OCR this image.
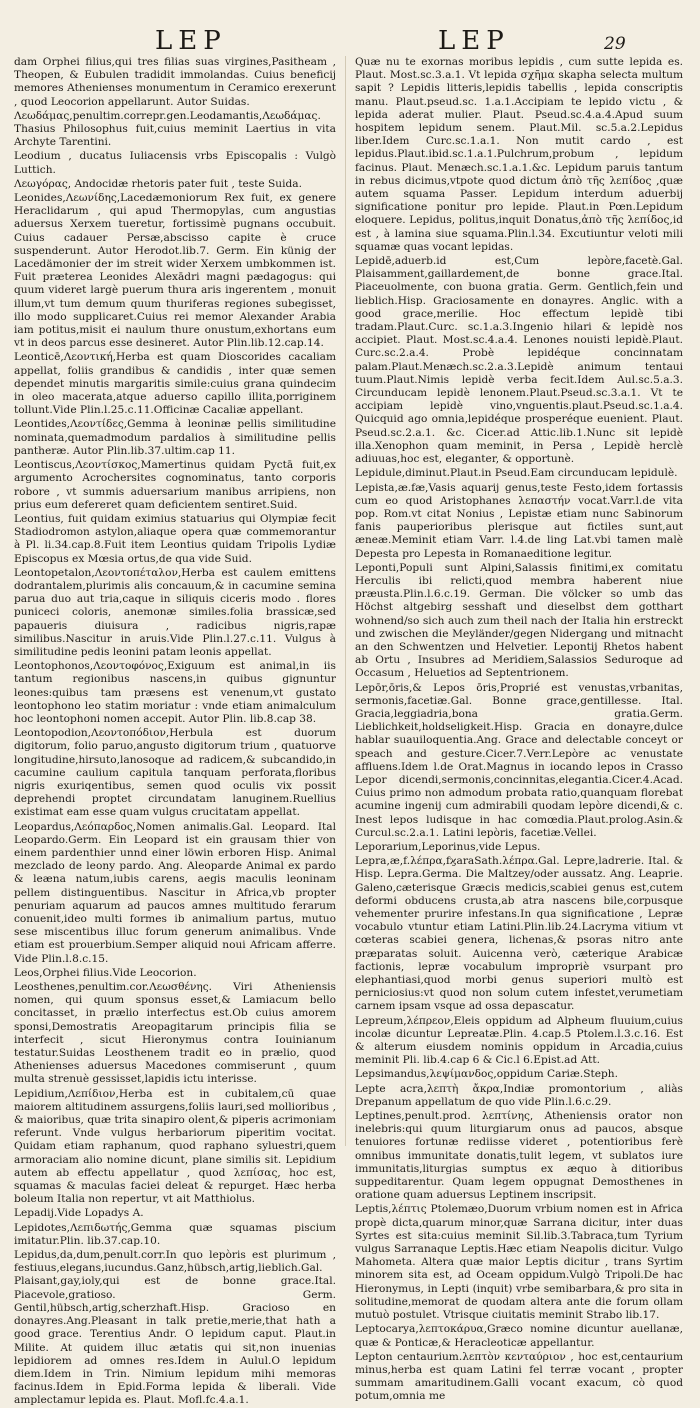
LEP	LEP	29

dam Orphei filius,qui tres filias suas virgines,Pasitheam , Theopen, & Eubulen tradidit immolandas. Cuius beneficij memores Athenienses monumentum in Ceramico erexerunt , quod Leocorion appellarunt. Autor Suidas.

Λεωδάμας,penultim.correpr.gen.Leodamantis,Λεωδάμας. Thasius Philosophus fuit,cuius meminit Laertius in vita Archyte Tarentini.

Leodium , ducatus Iuliacensis vrbs Episcopalis : Vulgò Luttich.

Λεωγόρας, Andocidæ rhetoris pater fuit , teste Suida.

Leonides,Λεωνίδης,Lacedæmoniorum Rex fuit, ex genere Heraclidarum , qui apud Thermopylas, cum angustias aduersus Xerxem tueretur, fortissimè pugnans occubuit. Cuius cadauer Persæ,abscisso capite è cruce suspenderunt. Autor Herodot.lib.7. Germ. Ein künig der Lacedämonier der im streit wider Xerxem umbkommen ist. Fuit præterea Leonides Alexādri magni pædagogus: qui quum videret largè puerum thura aris ingerentem , monuit illum,vt tum demum quum thuriferas regiones subegisset, illo modo supplicaret.Cuius rei memor Alexander Arabia iam potitus,misit ei naulum thure onustum,exhortans eum vt in deos parcus esse desineret. Autor Plin.lib.12.cap.14.

Leonticē,Λεοντική,Herba est quam Dioscorides cacaliam appellat, foliis grandibus & candidis , inter quæ semen dependet minutis margaritis simile:cuius grana quindecim in oleo macerata,atque aduerso capillo illita,porriginem tollunt.Vide Plin.l.25.c.11.Officinæ Cacaliæ appellant.

Leontides,Λεοντίδες,Gemma à leoninæ pellis similitudine nominata,quemadmodum pardalios à similitudine pellis pantheræ. Autor Plin.lib.37.ultim.cap 11.

Leontiscus,Λεοντίσκος,Mamertinus quidam Pyctā fuit,ex argumento Acrochersites cognominatus, tanto corporis robore , vt summis aduersarium manibus arripiens, non prius eum defereret quam deficientem sentiret.Suid.

Leontius, fuit quidam eximius statuarius qui Olympiæ fecit Stadiodromon astylon,aliaque opera quæ commemorantur à Pl. li.34.cap.8.Fuit item Leontius quidam Tripolis Lydiæ Episcopus ex Mœsia ortus,de qua vide Suid.

Leontopetalon,Λεοντοπέταλον,Herba est caulem emittens dodrantalem,plurimis alis concauum,& in cacumine semina parua duo aut tria,caque in siliquis ciceris modo . flores puniceci coloris, anemonæ similes.folia brassicæ,sed papaueris diuisura , radicibus nigris,rapæ similibus.Nascitur in aruis.Vide Plin.l.27.c.11. Vulgus à similitudine pedis leonini patam leonis appellat.

Leontophonos,Λεοντοφόνος,Exiguum est animal,in iis tantum regionibus nascens,in quibus gignuntur leones:quibus tam præsens est venenum,vt gustato leontophono leo statim moriatur : vnde etiam animalculum hoc leontophoni nomen accepit. Autor Plin. lib.8.cap 38.

Leontopodion,Λεοντοπόδιον,Herbula est duorum digitorum, folio paruo,angusto digitorum trium , quatuorve longitudine,hirsuto,lanosoque ad radicem,& subcandido,in cacumine caulium capitula tanquam perforata,floribus nigris exuriqentibus, semen quod oculis vix possit deprehendi proptet circundatam lanuginem.Ruellius existimat eam esse quam vulgus crucitatam appellat.

Leopardus,Λεόπαρδος,Nomen animalis.Gal. Leopard. Ital Leopardo.Germ. Ein Leopard ist ein grausam thier von einem pardenthier unnd einer löwin erboren Hisp. Animal mezclado de leony pardo. Ang. Aleoparde Animal ex pardo & leæna natum,iubis carens, aegis maculis leoninam pellem distinguentibus. Nascitur in Africa,vb propter penuriam aquarum ad paucos amnes multitudo ferarum conuenit,ideo multi formes ib animalium partus, mutuo sese miscentibus illuc forum generum animalibus. Vnde etiam est prouerbium.Semper aliquid noui Africam afferre. Vide Plin.l.8.c.15.

Leos,Orphei filius.Vide Leocorion.

Leosthenes,penultim.cor.Λεωσθένης. Viri Atheniensis nomen, qui quum sponsus esset,& Lamiacum bello concitasset, in prælio interfectus est.Ob cuius amorem sponsi,Demostratis Areopagitarum principis filia se interfecit , sicut Hieronymus contra Iouinianum testatur.Suidas Leosthenem tradit eo in prælio, quod Athenienses aduersus Macedones commiserunt , quum multa strenuè gessisset,lapidis ictu interisse.

Lepidium,Λεπίδιον,Herba est in cubitalem,cū quae maiorem altitudinem assurgens,foliis lauri,sed mollioribus , & maioribus, quæ trita sinapiro olent,& piperis acrimoniam referunt. Vnde vulgus herbariorum piperitim vocitat. Quidam etiam raphanum, quod raphano syluestri,quem armoraciam alio nomine dicunt, plane similis sit. Lepidium autem ab effectu appellatur , quod λεπίσας, hoc est, squamas & maculas faciei deleat & repurget. Hæc herba boleum Italia non repertur, vt ait Matthiolus.

Lepadij.Vide Lopadys A.

Lepidotes,Λεπιδωτής,Gemma quæ squamas piscium imitatur.Plin. lib.37.cap.10.

Lepidus,da,dum,penult.corr.In quo lepòris est plurimum , festiuus,elegans,iucundus.Ganz,hübsch,artig,lieblich.Gal. Plaisant,gay,ioly,qui est de bonne grace.Ital. Piacevole,gratioso. Germ. Gentil,hübsch,artig,scherzhaft.Hisp. Gracioso en donayres.Ang.Pleasant in talk pretie,merie,that hath a good grace. Terentius Andr. O lepidum caput. Plaut.in Milite. At quidem illuc ætatis qui sit,non inuenias lepidiorem ad omnes res.Idem in Aulul.O lepidum diem.Idem in Trin. Nimium lepidum mihi memoras facinus.Idem in Epid.Forma lepida & liberali. Vide amplectamur lepida es. Plaut. Mofl.fc.4.a.1.

Quæ nu te exornas moribus lepidis , cum sutte lepida es. Plaut. Most.sc.3.a.1. Vt lepida σχῆμα skapha selecta multum sapit ? Lepidis litteris,lepidis tabellis , lepida conscriptis manu. Plaut.pseud.sc. 1.a.1.Accipiam te lepido victu , & lepida aderat mulier. Plaut. Pseud.sc.4.a.4.Apud suum hospitem lepidum senem. Plaut.Mil. sc.5.a.2.Lepidus liber.Idem Curc.sc.1.a.1. Non mutit cardo , est lepidus.Plaut.ibid.sc.1.a.1.Pulchrum,probum , lepidum facinus. Plaut. Menæch.sc.1.a.1.&c. Lepidum paruis tantum in rebus dicimus,vtpote quod dictum ἀπὸ τῆς λεπίδος ,quæ autem squama Passer. Lepidum interdum aduerbij significatione ponitur pro lepide. Plaut.in Pœn.Lepidum eloquere. Lepidus, politus,inquit Donatus,ἀπὸ τῆς λεπίδος,id est , à lamina siue squama.Plin.l.34. Excutiuntur veloti mili squamæ quas vocant lepidas.

Lepidē,aduerb.id est,Cum lepòre,facetè.Gal. Plaisamment,gaillardement,de bonne grace.Ital. Piaceuolmente, con buona gratia. Germ. Gentlich,fein und lieblich.Hisp. Graciosamente en donayres. Anglic. with a good grace,merilie. Hoc effectum lepidè tibi tradam.Plaut.Curc. sc.1.a.3.Ingenio hilari & lepidè nos accipiet. Plaut. Most.sc.4.a.4. Lenones nouisti lepidè.Plaut. Curc.sc.2.a.4. Probè lepidéque concinnatam palam.Plaut.Menæch.sc.2.a.3.Lepidè animum tentaui tuum.Plaut.Nimis lepidè verba fecit.Idem Aul.sc.5.a.3. Circunducam lepidè lenonem.Plaut.Pseud.sc.3.a.1. Vt te accipiam lepidè vino,vnguentis.plaut.Pseud.sc.1.a.4. Quicquid ago omnia,lepidéque prosperéque euenient. Plaut. Pseud.sc.2.a.1. &c. Cicer.ad Attic.lib.1.Nunc sit lepidè illa.Xenophon quam meminit, in Persa , Lepidè herclè adiuuas,hoc est, eleganter, & opportunè.

Lepidule,diminut.Plaut.in Pseud.Eam circunducam lepidulè.

Lepista,æ.fæ,Vasis aquarij genus,teste Festo,idem fortassis cum eo quod Aristophanes λεπαστήν vocat.Varr.l.de vita pop. Rom.vt citat Nonius , Lepistæ etiam nunc Sabinorum fanis pauperioribus plerisque aut fictiles sunt,aut æneæ.Meminit etiam Varr. l.4.de ling Lat.vbi tamen malè Depesta pro Lepesta in Romanaeditione legitur.

Leponti,Populi sunt Alpini,Salassis finitimi,ex comitatu Herculis ibi relicti,quod membra haberent niue præusta.Plin.l.6.c.19. German. Die völcker so umb das Höchst altgebirg sesshaft und dieselbst dem gotthart wohnend/so sich auch zum theil nach der Italia hin erstreckt und zwischen die Meyländer/gegen Nidergang und mitnacht an den Schwentzen und Helvetier. Lepontij Rhetos habent ab Ortu , Insubres ad Meridiem,Salassios Seduroque ad Occasum , Heluetios ad Septentrionem.

Lepōr,ōris,& Lepos ōris,Proprié est venustas,vrbanitas, sermonis,facetiæ.Gal. Bonne grace,gentillesse. Ital. Gracia,leggiadria,bona gratia.Germ. Lieblichkeit,holdseligkeit.Hisp. Gracia en donayre,dulce hablar suauiloquentia.Ang. Grace and delectable conceyt or speach and gesture.Cicer.7.Verr.Lepòre ac venustate affluens.Idem l.de Orat.Magnus in iocando lepos in Crasso Lepor dicendi,sermonis,concinnitas,elegantia.Cicer.4.Acad. Cuius primo non admodum probata ratio,quanquam florebat acumine ingenij cum admirabili quodam lepòre dicendi,& c. Inest lepos ludisque in hac comœdia.Plaut.prolog.Asin.& Curcul.sc.2.a.1. Latini lepòris, facetiæ.Vellei.

Leporarium,Leporinus,vide Lepus.

Lepra,æ,f.λέπρα,fϗaraSath.λέπρα.Gal. Lepre,ladrerie. Ital. & Hisp. Lepra.Germa. Die Maltzey/oder aussatz. Ang. Leaprie. Galeno,cæterisque Græcis medicis,scabiei genus est,cutem deformi obducens crusta,ab atra nascens bile,corpusque vehementer prurire infestans.In qua significatione , Lepræ vocabulo vtuntur etiam Latini.Plin.lib.24.Lacryma vitium vt cœteras scabiei genera, lichenas,& psoras nitro ante præparatas soluit. Auicenna verò, cæterique Arabicæ factionis, lepræ vocabulum impropriè vsurpant pro elephantiasi,quod morbi genus superiori multò est perniciosius:vt quod non solum cutem infestet,verumetiam carnem ipsam vsque ad ossa depascatur.

Lepreum,λέπρεον,Eleis oppidum ad Alpheum fluuium,cuius incolæ dicuntur Lepreatæ.Plin. 4.cap.5 Ptolem.l.3.c.16. Est & alterum eiusdem nominis oppidum in Arcadia,cuius meminit Pli. lib.4.cap 6 & Cic.l 6.Epist.ad Att.

Lepsimandus,λεψίμανδος,oppidum Cariæ.Steph.

Lepte acra,λεπτὴ ἄκρα,Indiæ promontorium , aliàs Drepanum appellatum de quo vide Plin.l.6.c.29.

Leptines,penult.prod. λεπτίνης, Atheniensis orator non inelebris:qui quum liturgiarum onus ad paucos, absque tenuiores fortunæ rediisse videret , potentioribus ferè omnibus immunitate donatis,tulit legem, vt sublatos iure immunitatis,liturgias sumptus ex æquo à ditioribus suppeditarentur. Quam legem oppugnat Demosthenes in oratione quam aduersus Leptinem inscripsit.

Leptis,λέπτις Ptolemæo,Duorum vrbium nomen est in Africa propè dicta,quarum minor,quæ Sarrana dicitur, inter duas Syrtes est sita:cuius meminit Sil.lib.3.Tabraca,tum Tyrium vulgus Sarranaque Leptis.Hæc etiam Neapolis dicitur. Vulgo Mahometa. Altera quæ maior Leptis dicitur , trans Syrtim minorem sita est, ad Oceam oppidum.Vulgò Tripoli.De hac Hieronymus, in Lepti (inquit) vrbe semibarbara,& pro sita in solitudine,memorat de quodam altera ante die forum ollam mutuò postulet. Vtrisque ciuitatis meminit Strabo lib.17.

Leptocarya,λεπτοκάρυα,Græco nomine dicuntur auellanæ, quæ & Ponticæ,& Heracleoticæ appellantur.

Lepton centaurium.λεπτὸν κενταύριον , hoc est,centaurium minus,herba est quam Latini fel terræ vocant , propter summam amaritudinem.Galli vocant exacum, cò quod potum,omnia me
